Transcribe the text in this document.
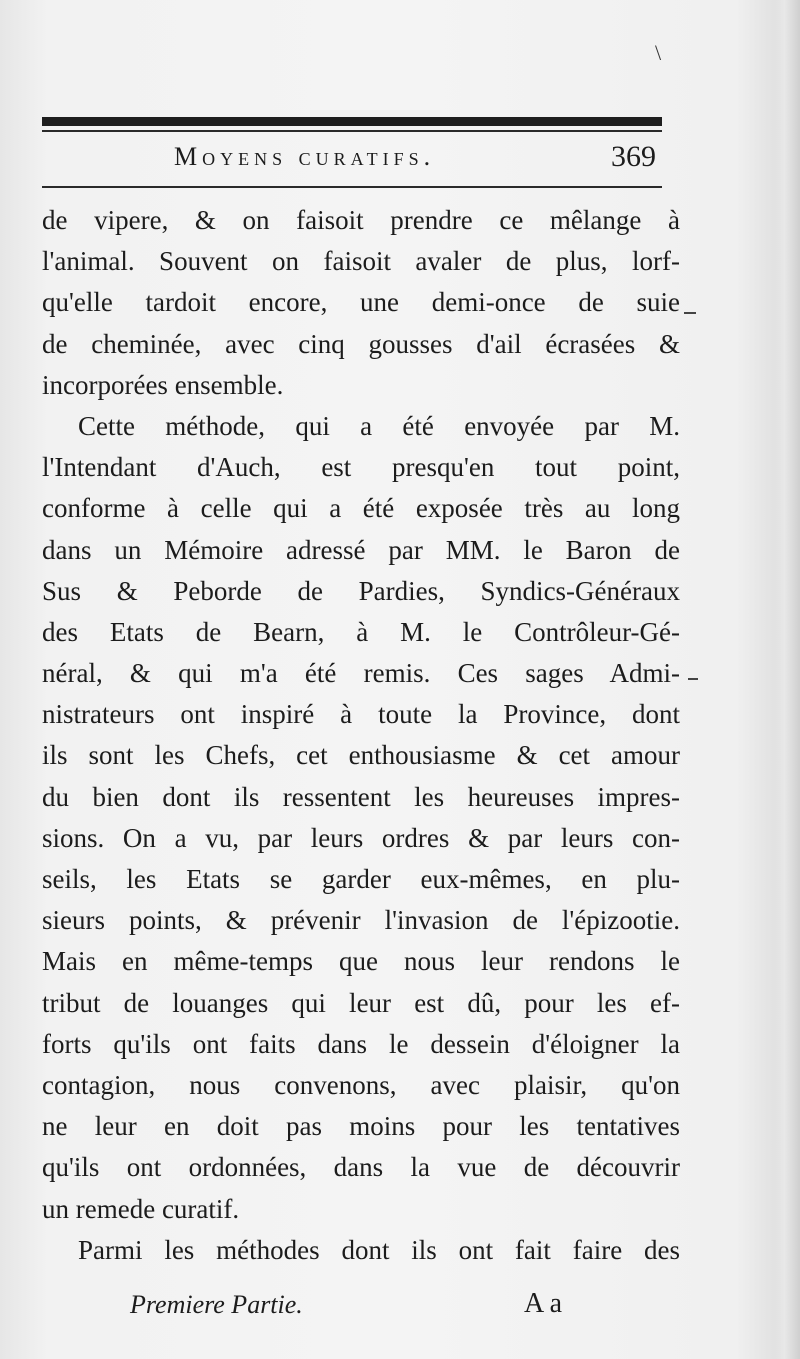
\
Moyens curatifs.	369
de vipere, & on faisoit prendre ce mêlange à
l'animal. Souvent on faisoit avaler de plus, lorf-
qu'elle tardoit encore, une demi-once de suie
de cheminée, avec cinq gousses d'ail écrasées &
incorporées ensemble.
Cette méthode, qui a été envoyée par M.
l'Intendant d'Auch, est presqu'en tout point,
conforme à celle qui a été exposée très au long
dans un Mémoire adressé par MM. le Baron de
Sus & Peborde de Pardies, Syndics-Généraux
des Etats de Bearn, à M. le Contrôleur-Gé-
néral, & qui m'a été remis. Ces sages Admi-
nistrateurs ont inspiré à toute la Province, dont
ils sont les Chefs, cet enthousiasme & cet amour
du bien dont ils ressentent les heureuses impres-
sions. On a vu, par leurs ordres & par leurs con-
seils, les Etats se garder eux-mêmes, en plu-
sieurs points, & prévenir l'invasion de l'épizootie.
Mais en même-temps que nous leur rendons le
tribut de louanges qui leur est dû, pour les ef-
forts qu'ils ont faits dans le dessein d'éloigner la
contagion, nous convenons, avec plaisir, qu'on
ne leur en doit pas moins pour les tentatives
qu'ils ont ordonnées, dans la vue de découvrir
un remede curatif.
Parmi les méthodes dont ils ont fait faire des
Premiere Partie.	A a
